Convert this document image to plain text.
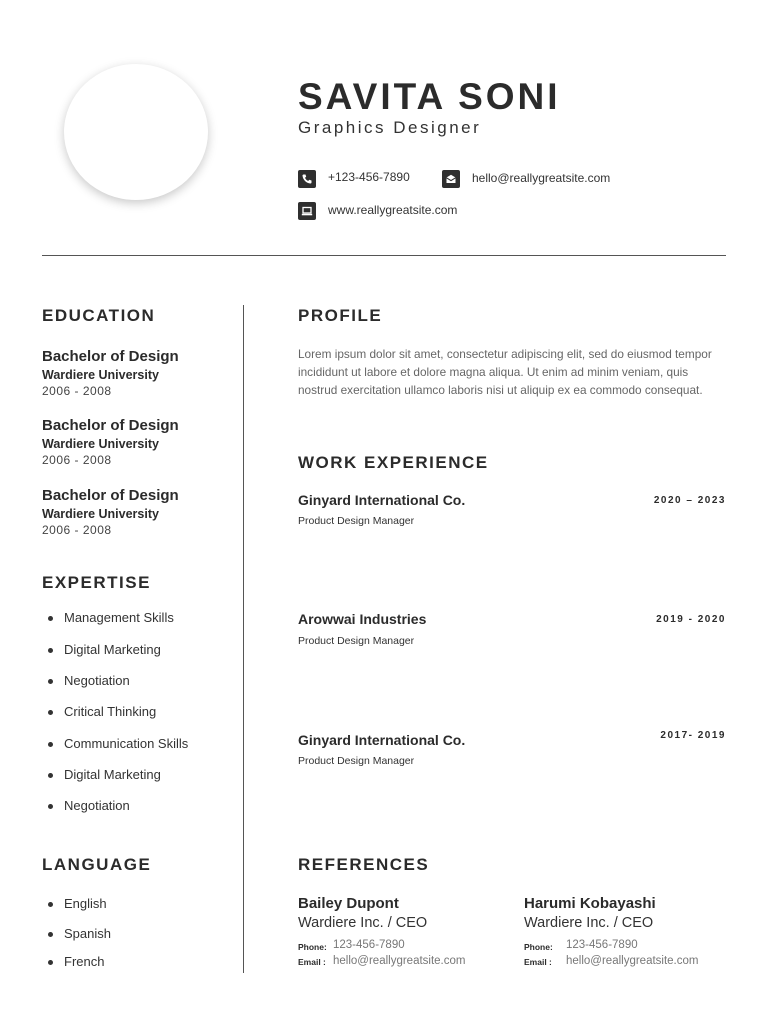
SAVITA SONI
Graphics Designer
+123-456-7890	hello@reallygreatsite.com
www.reallygreatsite.com
EDUCATION
Bachelor of Design
Wardiere University
2006 - 2008
Bachelor of Design
Wardiere University
2006 - 2008
Bachelor of Design
Wardiere University
2006 - 2008
EXPERTISE
Management Skills
Digital Marketing
Negotiation
Critical Thinking
Communication Skills
Digital Marketing
Negotiation
LANGUAGE
English
Spanish
French
PROFILE
Lorem ipsum dolor sit amet, consectetur adipiscing elit, sed do eiusmod tempor incididunt ut labore et dolore magna aliqua. Ut enim ad minim veniam, quis nostrud exercitation ullamco laboris nisi ut aliquip ex ea commodo consequat.
WORK EXPERIENCE
Ginyard International Co.
Product Design Manager
2020 – 2023
Arowwai Industries
Product Design Manager
2019 - 2020
Ginyard International Co.
Product Design Manager
2017- 2019
REFERENCES
Bailey Dupont
Wardiere Inc. / CEO
Phone: 123-456-7890
Email : hello@reallygreatsite.com
Harumi Kobayashi
Wardiere Inc. / CEO
Phone: 123-456-7890
Email : hello@reallygreatsite.com
